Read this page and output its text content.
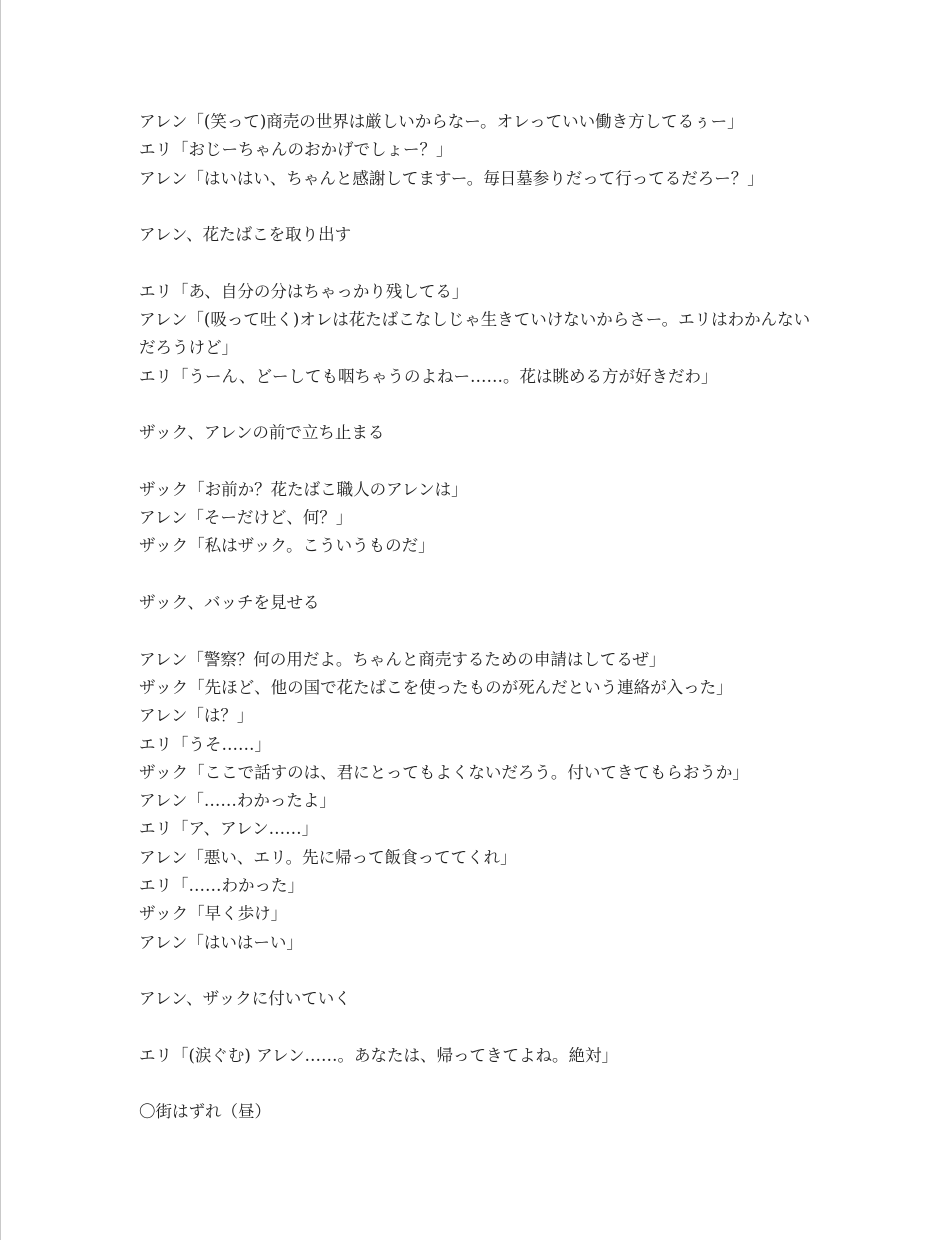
アレン「(笑って)商売の世界は厳しいからなー。オレっていい働き方してるぅー」
エリ「おじーちゃんのおかげでしょー？」
アレン「はいはい、ちゃんと感謝してますー。毎日墓参りだって行ってるだろー？」
アレン、花たばこを取り出す
エリ「あ、自分の分はちゃっかり残してる」
アレン「(吸って吐く)オレは花たばこなしじゃ生きていけないからさー。エリはわかんない
だろうけど」
エリ「うーん、どーしても咽ちゃうのよねー……。花は眺める方が好きだわ」
ザック、アレンの前で立ち止まる
ザック「お前か？花たばこ職人のアレンは」
アレン「そーだけど、何？」
ザック「私はザック。こういうものだ」
ザック、バッチを見せる
アレン「警察？何の用だよ。ちゃんと商売するための申請はしてるぜ」
ザック「先ほど、他の国で花たばこを使ったものが死んだという連絡が入った」
アレン「は？」
エリ「うそ……」
ザック「ここで話すのは、君にとってもよくないだろう。付いてきてもらおうか」
アレン「……わかったよ」
エリ「ア、アレン……」
アレン「悪い、エリ。先に帰って飯食っててくれ」
エリ「……わかった」
ザック「早く歩け」
アレン「はいはーい」
アレン、ザックに付いていく
エリ「(涙ぐむ) アレン……。あなたは、帰ってきてよね。絶対」
〇街はずれ（昼）
